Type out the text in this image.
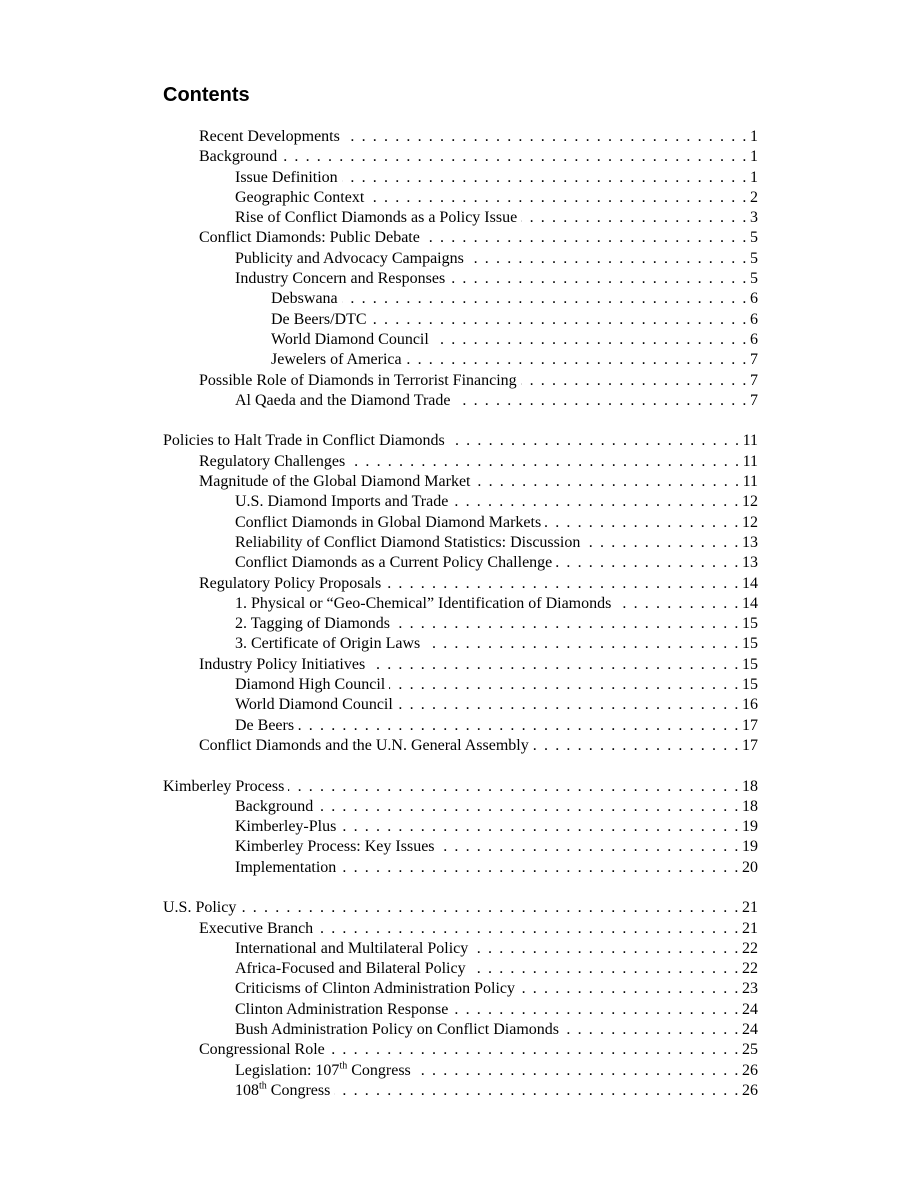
Contents
Recent Developments . . .	1
Background . . .	1
Issue Definition . . .	1
Geographic Context . . .	2
Rise of Conflict Diamonds as a Policy Issue . . .	3
Conflict Diamonds: Public Debate . . .	5
Publicity and Advocacy Campaigns . . .	5
Industry Concern and Responses . . .	5
Debswana . . .	6
De Beers/DTC . . .	6
World Diamond Council . . .	6
Jewelers of America . . .	7
Possible Role of Diamonds in Terrorist Financing . . .	7
Al Qaeda and the Diamond Trade . . .	7
Policies to Halt Trade in Conflict Diamonds . . .	11
Regulatory Challenges . . .	11
Magnitude of the Global Diamond Market . . .	11
U.S. Diamond Imports and Trade . . .	12
Conflict Diamonds in Global Diamond Markets . . .	12
Reliability of Conflict Diamond Statistics: Discussion . . .	13
Conflict Diamonds as a Current Policy Challenge . . .	13
Regulatory Policy Proposals . . .	14
1. Physical or “Geo-Chemical” Identification of Diamonds . . .	14
2. Tagging of Diamonds . . .	15
3. Certificate of Origin Laws . . .	15
Industry Policy Initiatives . . .	15
Diamond High Council . . .	15
World Diamond Council . . .	16
De Beers . . .	17
Conflict Diamonds and the U.N. General Assembly . . .	17
Kimberley Process . . .	18
Background . . .	18
Kimberley-Plus . . .	19
Kimberley Process: Key Issues . . .	19
Implementation . . .	20
U.S. Policy . . .	21
Executive Branch . . .	21
International and Multilateral Policy . . .	22
Africa-Focused and Bilateral Policy . . .	22
Criticisms of Clinton Administration Policy . . .	23
Clinton Administration Response . . .	24
Bush Administration Policy on Conflict Diamonds . . .	24
Congressional Role . . .	25
Legislation: 107th Congress . . .	26
108th Congress . . .	26
